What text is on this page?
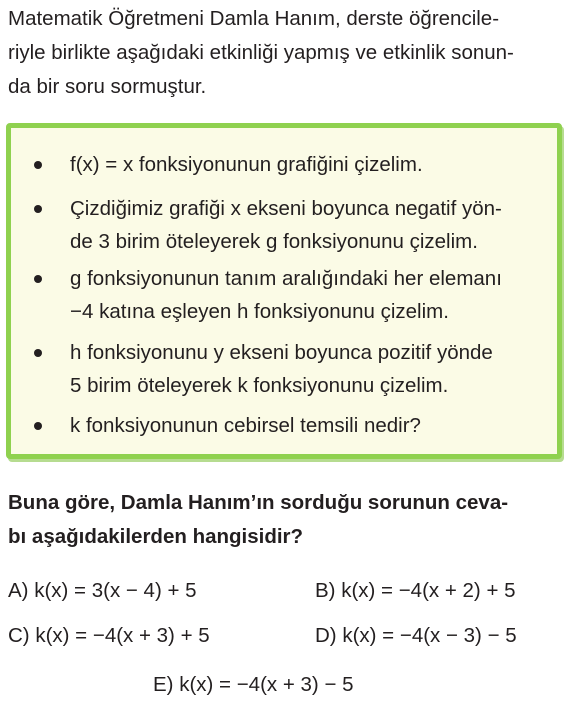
Matematik Öğretmeni Damla Hanım, derste öğrencile-
riyle birlikte aşağıdaki etkinliği yapmış ve etkinlik sonun-
da bir soru sormuştur.

f(x) = x fonksiyonunun grafiğini çizelim.
Çizdiğimiz grafiği x ekseni boyunca negatif yön-
de 3 birim öteleyerek g fonksiyonunu çizelim.
g fonksiyonunun tanım aralığındaki her elemanı
−4 katına eşleyen h fonksiyonunu çizelim.
h fonksiyonunu y ekseni boyunca pozitif yönde
5 birim öteleyerek k fonksiyonunu çizelim.
k fonksiyonunun cebirsel temsili nedir?

Buna göre, Damla Hanım’ın sorduğu sorunun ceva-
bı aşağıdakilerden hangisidir?

A) k(x) = 3(x − 4) + 5	B) k(x) = −4(x + 2) + 5
C) k(x) = −4(x + 3) + 5	D) k(x) = −4(x − 3) − 5
E) k(x) = −4(x + 3) − 5
